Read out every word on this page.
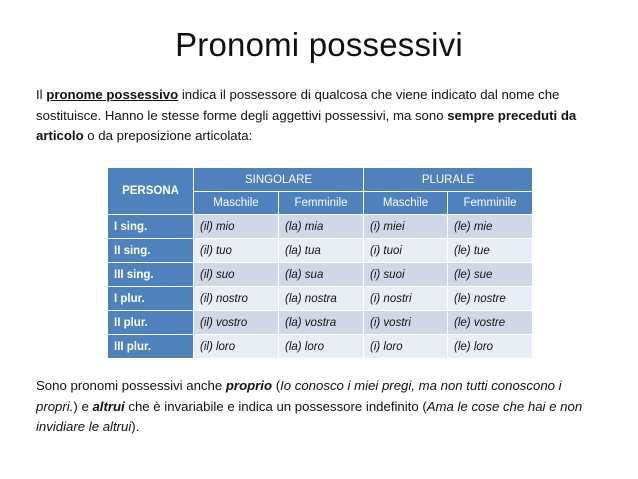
Pronomi possessivi
Il pronome possessivo indica il possessore di qualcosa che viene indicato dal nome che sostituisce. Hanno le stesse forme degli aggettivi possessivi, ma sono sempre preceduti da articolo o da preposizione articolata:
PERSONA	SINGOLARE		PLURALE	
	Maschile	Femminile	Maschile	Femminile
I sing.	(il) mio	(la) mia	(i) miei	(le) mie
II sing.	(il) tuo	(la) tua	(i) tuoi	(le) tue
III sing.	(il) suo	(la) sua	(i) suoi	(le) sue
I plur.	(il) nostro	(la) nostra	(i) nostri	(le) nostre
II plur.	(il) vostro	(la) vostra	(i) vostri	(le) vostre
III plur.	(il) loro	(la) loro	(i) loro	(le) loro
Sono pronomi possessivi anche proprio (Io conosco i miei pregi, ma non tutti conoscono i propri.) e altrui che è invariabile e indica un possessore indefinito (Ama le cose che hai e non invidiare le altrui).
